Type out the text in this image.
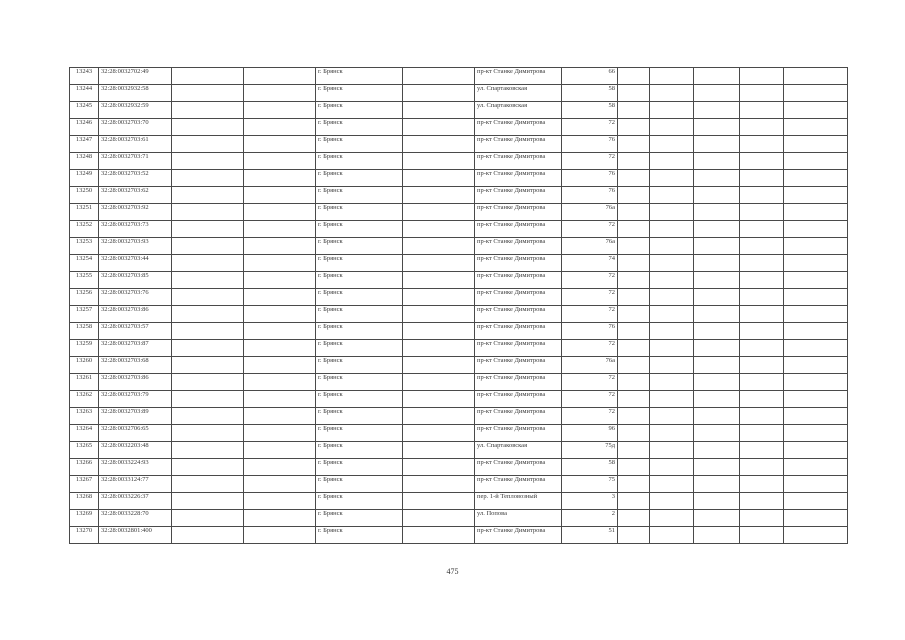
13243	32:28:0032702:49			г. Брянск		пр-кт Станке Димитрова	66					
13244	32:28:0032932:58			г. Брянск		ул. Спартаковская	58					
13245	32:28:0032932:59			г. Брянск		ул. Спартаковская	58					
13246	32:28:0032703:70			г. Брянск		пр-кт Станке Димитрова	72					
13247	32:28:0032703:61			г. Брянск		пр-кт Станке Димитрова	76					
13248	32:28:0032703:71			г. Брянск		пр-кт Станке Димитрова	72					
13249	32:28:0032703:52			г. Брянск		пр-кт Станке Димитрова	76					
13250	32:28:0032703:62			г. Брянск		пр-кт Станке Димитрова	76					
13251	32:28:0032703:92			г. Брянск		пр-кт Станке Димитрова	76а					
13252	32:28:0032703:73			г. Брянск		пр-кт Станке Димитрова	72					
13253	32:28:0032703:93			г. Брянск		пр-кт Станке Димитрова	76а					
13254	32:28:0032703:44			г. Брянск		пр-кт Станке Димитрова	74					
13255	32:28:0032703:85			г. Брянск		пр-кт Станке Димитрова	72					
13256	32:28:0032703:76			г. Брянск		пр-кт Станке Димитрова	72					
13257	32:28:0032703:86			г. Брянск		пр-кт Станке Димитрова	72					
13258	32:28:0032703:57			г. Брянск		пр-кт Станке Димитрова	76					
13259	32:28:0032703:87			г. Брянск		пр-кт Станке Димитрова	72					
13260	32:28:0032703:68			г. Брянск		пр-кт Станке Димитрова	76а					
13261	32:28:0032703:86			г. Брянск		пр-кт Станке Димитрова	72					
13262	32:28:0032703:79			г. Брянск		пр-кт Станке Димитрова	72					
13263	32:28:0032703:89			г. Брянск		пр-кт Станке Димитрова	72					
13264	32:28:0032706:65			г. Брянск		пр-кт Станке Димитрова	96					
13265	32:28:0032203:48			г. Брянск		ул. Спартаковская	75д					
13266	32:28:0033224:93			г. Брянск		пр-кт Станке Димитрова	58					
13267	32:28:0033124:77			г. Брянск		пр-кт Станке Димитрова	75					
13268	32:28:0033226:37			г. Брянск		пер. 1-й Тепловозный	3					
13269	32:28:0033228:70			г. Брянск		ул. Попова	2					
13270	32:28:0032801:400			г. Брянск		пр-кт Станке Димитрова	51					
475
